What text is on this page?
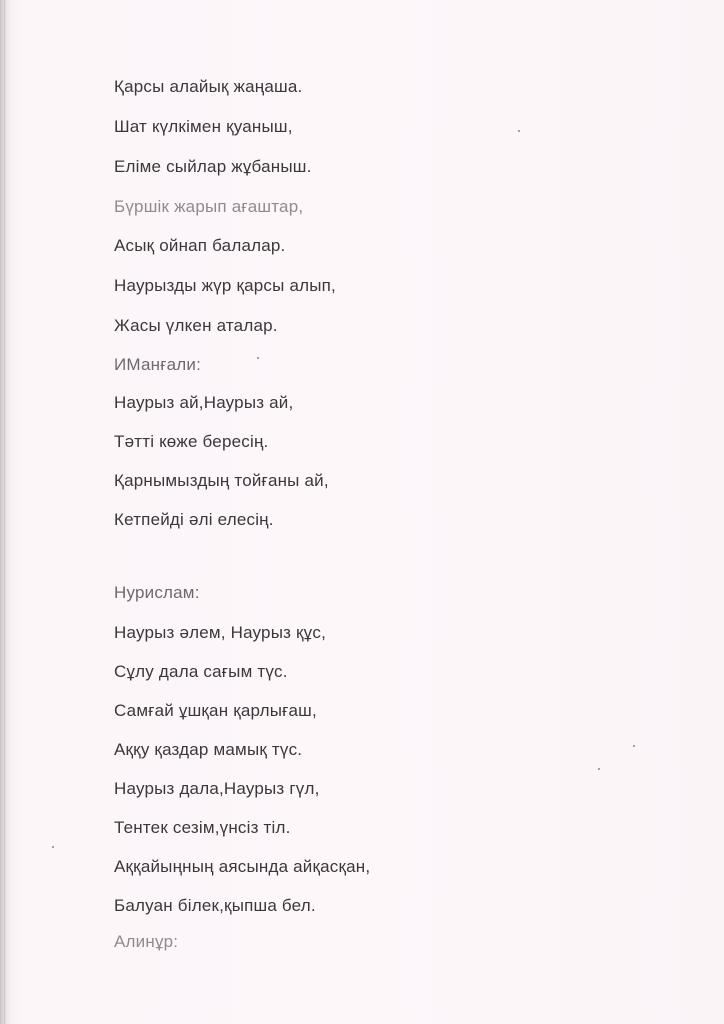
Қарсы алайық жаңаша.
Шат күлкімен қуаныш,
Еліме сыйлар жұбаныш.
Бүршік жарып ағаштар,
Асық ойнап балалар.
Наурызды жүр қарсы алып,
Жасы үлкен аталар.
ИМанғали:
Наурыз ай,Наурыз ай,
Тәтті көже бересің.
Қарнымыздың тойғаны ай,
Кетпейді әлі елесің.
Нурислам:
Наурыз әлем, Наурыз құс,
Сұлу дала сағым түс.
Самғай ұшқан қарлығаш,
Аққу қаздар мамық түс.
Наурыз дала,Наурыз гүл,
Тентек сезім,үнсіз тіл.
Аққайыңның аясында айқасқан,
Балуан білек,қыпша бел.
Алинұр:
